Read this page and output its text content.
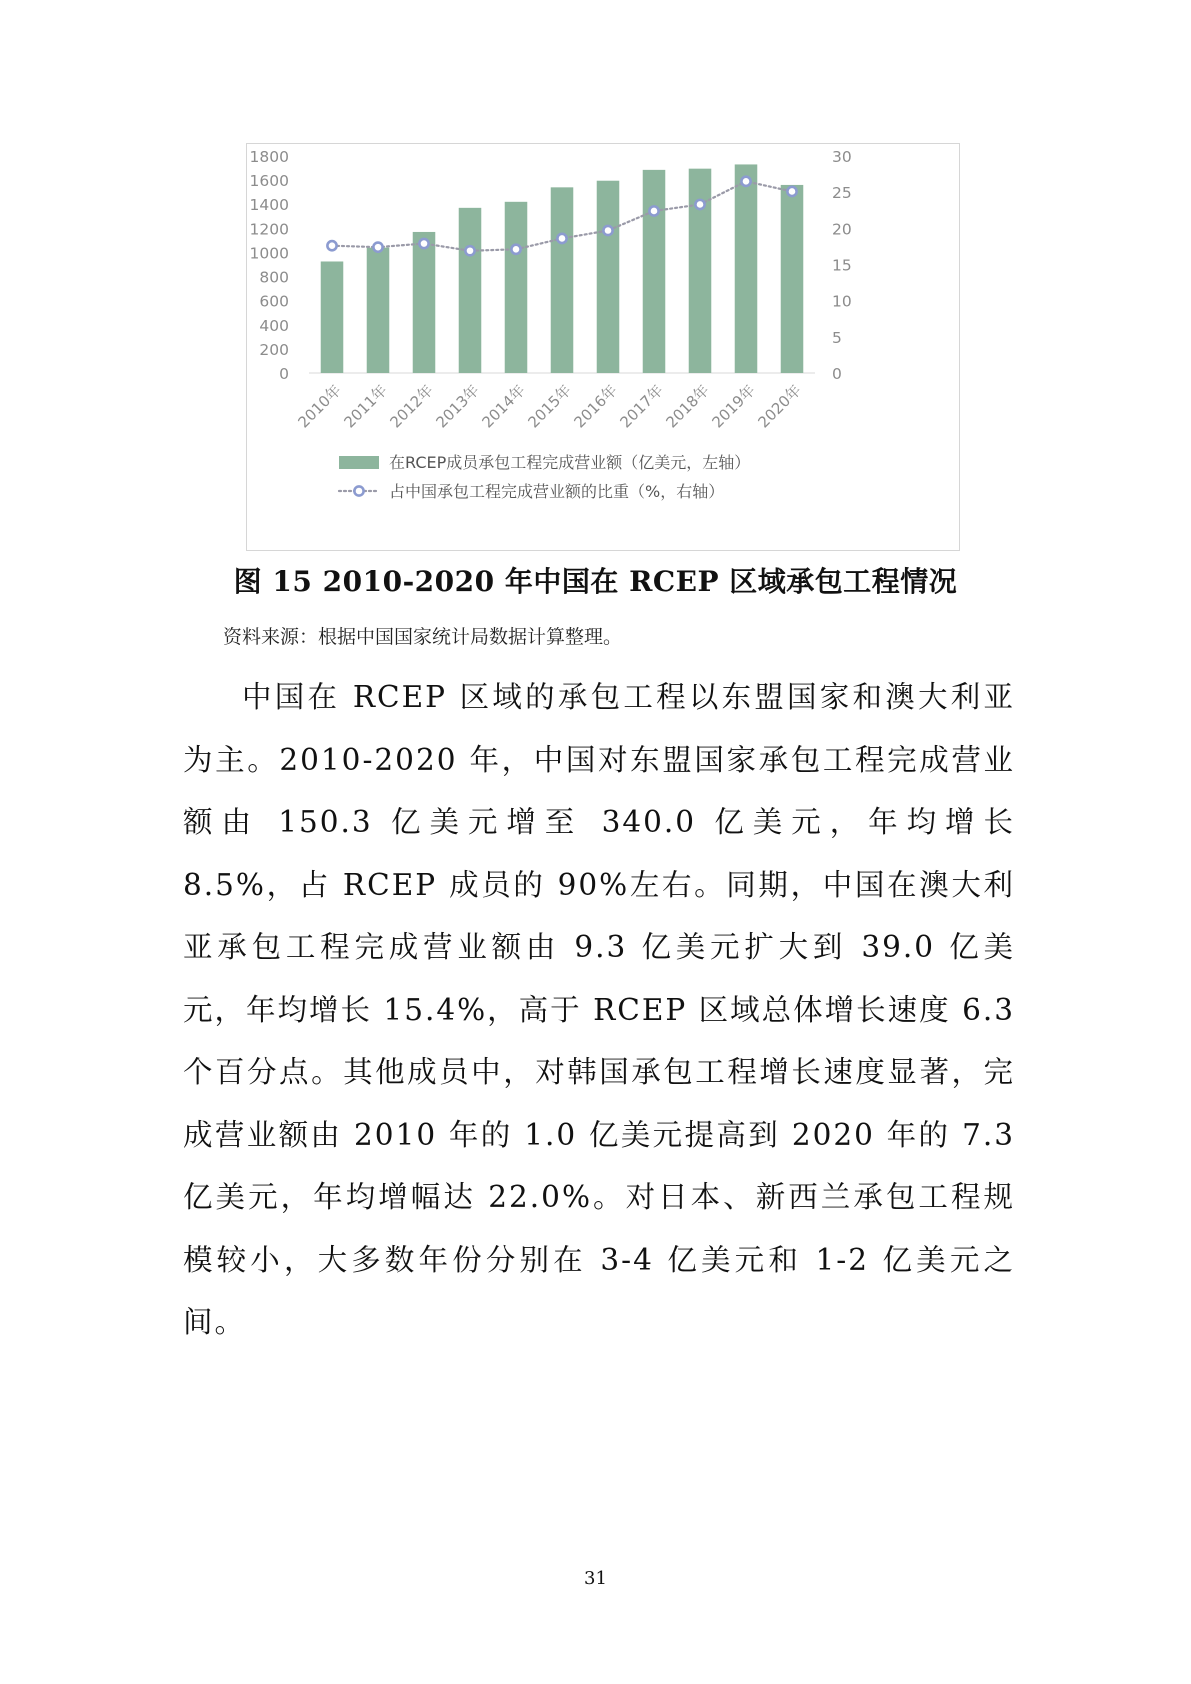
0
200
400
600
800
1000
1200
1400
1600
1800
0
5
10
15
20
25
30
2010年
2011年
2012年
2013年
2014年
2015年
2016年
2017年
2018年
2019年
2020年
在RCEP成员承包工程完成营业额（亿美元，左轴）
占中国承包工程完成营业额的比重（%，右轴）
图 15 2010-2020 年中国在 RCEP 区域承包工程情况
资料来源：根据中国国家统计局数据计算整理。

中国在 RCEP 区域的承包工程以东盟国家和澳大利亚为主。2010-2020 年，中国对东盟国家承包工程完成营业额由 150.3 亿美元增至 340.0 亿美元，年均增长 8.5%，占 RCEP 成员的 90%左右。同期，中国在澳大利亚承包工程完成营业额由 9.3 亿美元扩大到 39.0 亿美元，年均增长 15.4%，高于 RCEP 区域总体增长速度 6.3 个百分点。其他成员中，对韩国承包工程增长速度显著，完成营业额由 2010 年的 1.0 亿美元提高到 2020 年的 7.3 亿美元，年均增幅达 22.0%。对日本、新西兰承包工程规模较小，大多数年份分别在 3-4 亿美元和 1-2 亿美元之间。

31
